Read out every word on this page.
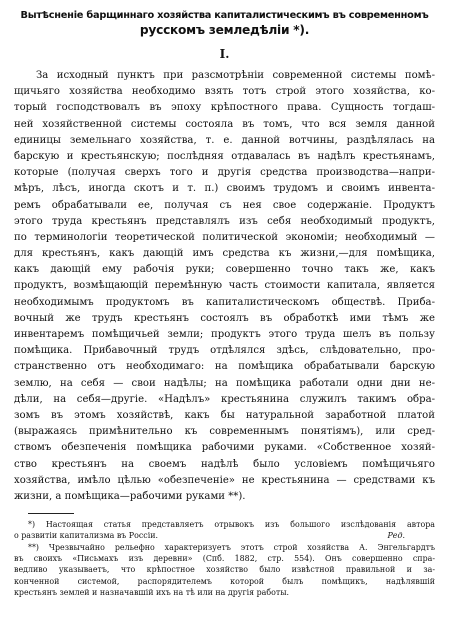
Вытѣсненіе барщиннаго хозяйства капиталистическимъ въ современномъ
русскомъ земледѣліи *).
I.
За исходный пунктъ при разсмотрѣніи современной системы помѣ-
щичьяго хозяйства необходимо взять тотъ строй этого хозяйства, ко-
торый господствовалъ въ эпоху крѣпостного права. Сущность тогдаш-
ней хозяйственной системы состояла въ томъ, что вся земля данной
единицы земельнаго хозяйства, т. е. данной вотчины, раздѣлялась на
барскую и крестьянскую; послѣдняя отдавалась въ надѣлъ крестьянамъ,
которые (получая сверхъ того и другія средства производства—напри-
мѣръ, лѣсъ, иногда скотъ и т. п.) своимъ трудомъ и своимъ инвента-
ремъ обрабатывали ее, получая съ нея свое содержаніе. Продуктъ
этого труда крестьянъ представлялъ изъ себя необходимый продуктъ,
по терминологіи теоретической политической экономіи; необходимый —
для крестьянъ, какъ дающій имъ средства къ жизни,—для помѣщика,
какъ дающій ему рабочія руки; совершенно точно такъ же, какъ
продуктъ, возмѣщающій перемѣнную часть стоимости капитала, является
необходимымъ продуктомъ въ капиталистическомъ обществѣ. Приба-
вочный же трудъ крестьянъ состоялъ въ обработкѣ ими тѣмъ же
инвентаремъ помѣщичьей земли; продуктъ этого труда шелъ въ пользу
помѣщика. Прибавочный трудъ отдѣлялся здѣсь, слѣдовательно, про-
странственно отъ необходимаго: на помѣщика обрабатывали барскую
землю, на себя — свои надѣлы; на помѣщика работали одни дни не-
дѣли, на себя—другіе. «Надѣлъ» крестьянина служилъ такимъ обра-
зомъ въ этомъ хозяйствѣ, какъ бы натуральной заработной платой
(выражаясь примѣнительно къ современнымъ понятіямъ), или сред-
ствомъ обезпеченія помѣщика рабочими руками. «Собственное хозяй-
ство крестьянъ на своемъ надѣлѣ было условіемъ помѣщичьяго
хозяйства, имѣло цѣлью «обезпеченіе» не крестьянина — средствами къ
жизни, а помѣщика—рабочими руками **).
*) Настоящая статья представляетъ отрывокъ изъ большого изслѣдованія автора
о развитіи капитализма въ Россіи.	Ред.
**) Чрезвычайно рельефно характеризуетъ этотъ строй хозяйства А. Энгельгардтъ
въ своихъ «Письмахъ изъ деревни» (Спб. 1882, стр. 554). Онъ совершенно спра-
ведливо указываетъ, что крѣпостное хозяйство было извѣстной правильной и за-
конченной системой, распорядителемъ которой былъ помѣщикъ, надѣлявшій
крестьянъ землей и назначавшій ихъ на тѣ или на другія работы.
